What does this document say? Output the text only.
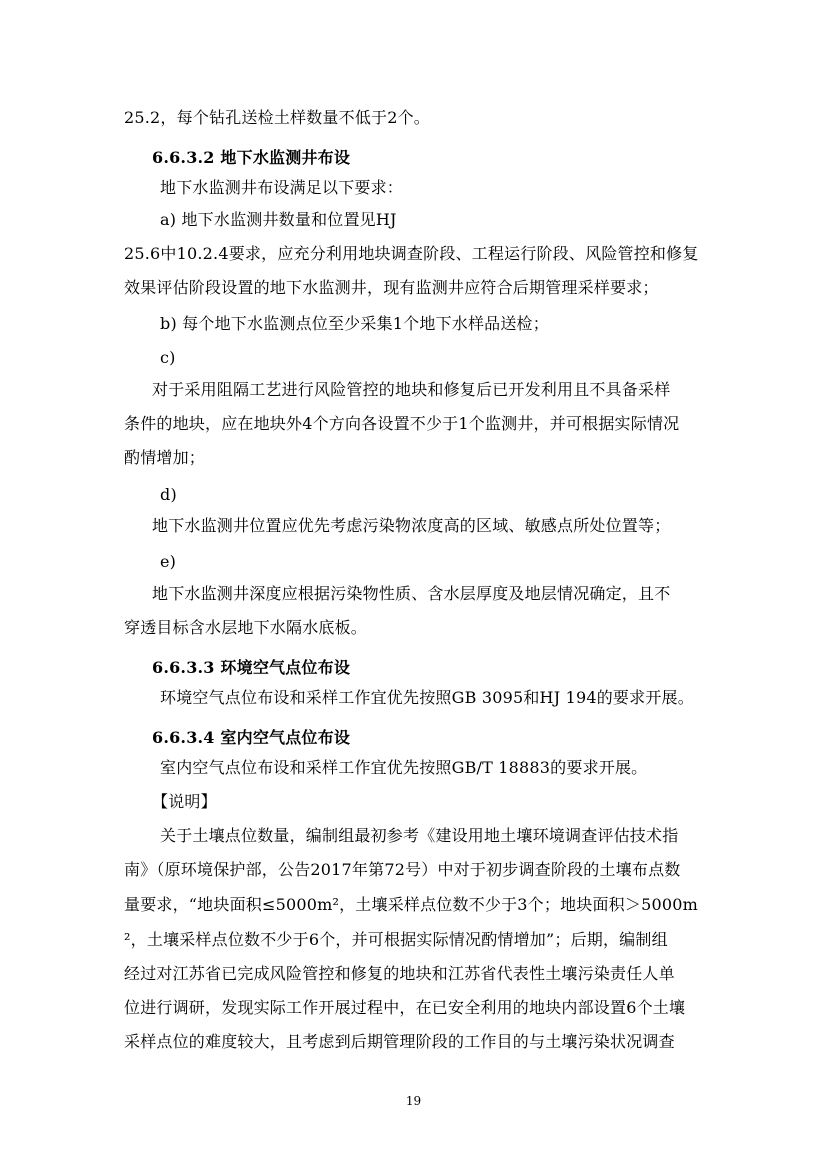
25.2，每个钻孔送检土样数量不低于2个。
6.6.3.2 地下水监测井布设
地下水监测井布设满足以下要求：
a) 地下水监测井数量和位置见HJ
25.6中10.2.4要求，应充分利用地块调查阶段、工程运行阶段、风险管控和修复
效果评估阶段设置的地下水监测井，现有监测井应符合后期管理采样要求；
b) 每个地下水监测点位至少采集1个地下水样品送检；
c)
对于采用阻隔工艺进行风险管控的地块和修复后已开发利用且不具备采样
条件的地块，应在地块外4个方向各设置不少于1个监测井，并可根据实际情况
酌情增加；
d)
地下水监测井位置应优先考虑污染物浓度高的区域、敏感点所处位置等；
e)
地下水监测井深度应根据污染物性质、含水层厚度及地层情况确定，且不
穿透目标含水层地下水隔水底板。
6.6.3.3 环境空气点位布设
环境空气点位布设和采样工作宜优先按照GB 3095和HJ 194的要求开展。
6.6.3.4 室内空气点位布设
室内空气点位布设和采样工作宜优先按照GB/T 18883的要求开展。
【说明】
关于土壤点位数量，编制组最初参考《建设用地土壤环境调查评估技术指
南》（原环境保护部，公告2017年第72号）中对于初步调查阶段的土壤布点数
量要求，“地块面积≤5000m²，土壤采样点位数不少于3个；地块面积＞5000m
²，土壤采样点位数不少于6个，并可根据实际情况酌情增加”；后期，编制组
经过对江苏省已完成风险管控和修复的地块和江苏省代表性土壤污染责任人单
位进行调研，发现实际工作开展过程中，在已安全利用的地块内部设置6个土壤
采样点位的难度较大，且考虑到后期管理阶段的工作目的与土壤污染状况调查
19
